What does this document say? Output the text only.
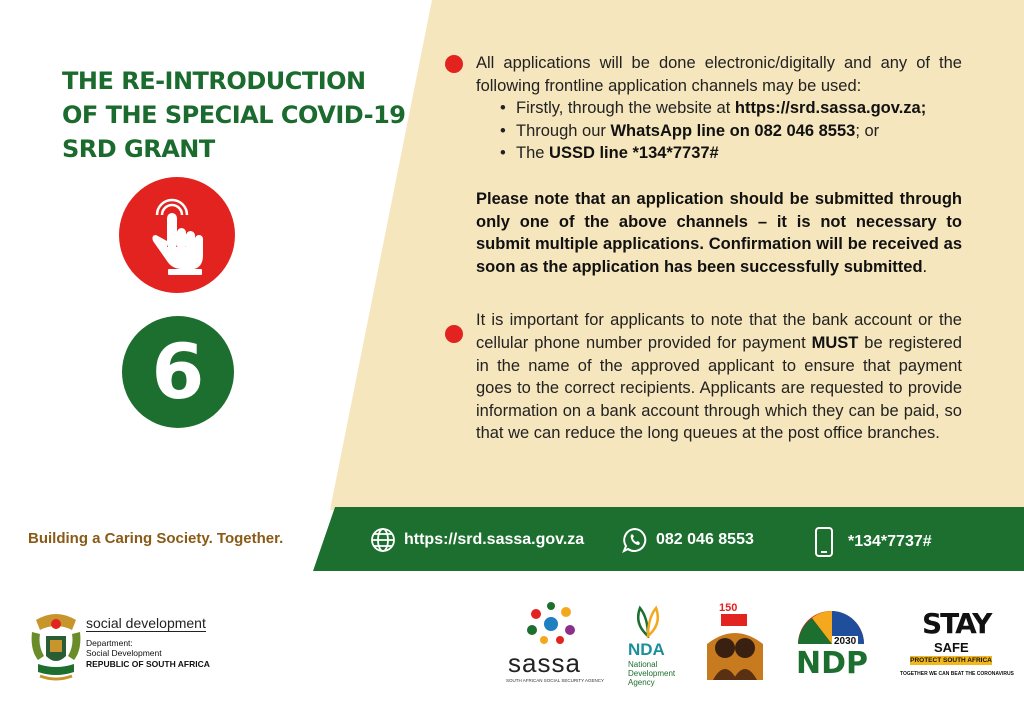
THE RE-INTRODUCTION
OF THE SPECIAL COVID-19
SRD GRANT
6

All applications will be done electronic/digitally and any of the following frontline application channels may be used:

• Firstly, through the website at https://srd.sassa.gov.za;
• Through our WhatsApp line on 082 046 8553; or
• The USSD line *134*7737#

Please note that an application should be submitted through only one of the above channels – it is not necessary to submit multiple applications. Confirmation will be received as soon as the application has been successfully submitted.

It is important for applicants to note that the bank account or the cellular phone number provided for payment MUST be registered in the name of the approved applicant to ensure that payment goes to the correct recipients. Applicants are requested to provide information on a bank account through which they can be paid, so that we can reduce the long queues at the post office branches.

Building a Caring Society. Together.	https://srd.sassa.gov.za	082 046 8553	*134*7737#
social development
Department:
Social Development
REPUBLIC OF SOUTH AFRICA	sassa
SOUTH AFRICAN SOCIAL SECURITY AGENCY
NDA
National
Development
Agency
150
2030
NDP
STAY
SAFE
PROTECT SOUTH AFRICA
TOGETHER WE CAN BEAT THE CORONAVIRUS
